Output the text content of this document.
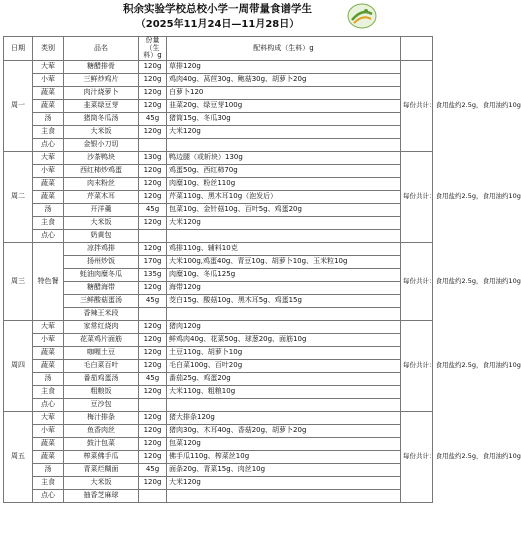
积余实验学校总校小学一周带量食谱学生
（2025年11月24日—11月28日）
日期	类别	品名	份量（生料）g	配料构成（生料）g	
周一	大荤	糖醋排骨	120g	草排120g	每份共计：食用盐约2.5g，食用油约10g
	小荤	三鲜炒鸡片	120g	鸡肉40g、莴苣30g、鲍菇30g、胡萝卜20g	
	蔬菜	肉汁烧萝卜	120g	白萝卜120	
	蔬菜	韭菜绿豆芽	120g	韭菜20g、绿豆芽100g	
	汤	猪筒冬瓜汤	45g	猪筒15g、冬瓜30g	
	主食	大米饭	120g	大米120g	
	点心	金银小刀切			
周二	大荤	沙茶鸭块	130g	鸭边腿（或斩块）130g	每份共计：食用盐约2.5g，食用油约10g
	小荤	西红柿炒鸡蛋	120g	鸡蛋50g、西红柿70g	
	蔬菜	肉末粉丝	120g	肉糜10g、粉丝110g	
	蔬菜	芹菜木耳	120g	芹菜110g、黑木耳10g（泡发后）	
	汤	开洋羹	45g	包菜10g、金针菇10g、百叶5g、鸡蛋20g	
	主食	大米饭	120g	大米120g	
	点心	奶黄包			
周三	特色餐	凉拌鸡排	120g	鸡排110g、辅料10克	每份共计：食用盐约2.5g，食用油约10g
		扬州炒饭	170g	大米100g,鸡蛋40g、青豆10g、胡萝卜10g、玉米粒10g	
		蚝油肉糜冬瓜	135g	肉糜10g、冬瓜125g	
		糖醋海带	120g	海带120g	
		三鲜酸菇蛋汤	45g	茭白15g、酸菇10g、黑木耳5g、鸡蛋15g	
		香辣王米段			
周四	大荤	家常红烧肉	120g	猪肉120g	每份共计：食用盐约2.5g，食用油约10g
	小荤	花菜鸡片面筋	120g	鲜鸡肉40g、花菜50g、球葱20g、面筋10g	
	蔬菜	咖喱土豆	120g	土豆110g、胡萝卜10g	
	蔬菜	毛白菜百叶	120g	毛白菜100g、百叶20g	
	汤	番茄鸡蛋汤	45g	番茄25g、鸡蛋20g	
	主食	粗粮饭	120g	大米110g、粗粮10g	
	点心	豆沙包			
周五	大荤	梅汁排条	120g	猪大排条120g	每份共计：食用盐约2.5g，食用油约10g
	小荤	鱼香肉丝	120g	猪肉30g、木耳40g、香菇20g、胡萝卜20g	
	蔬菜	鼓汁包菜	120g	包菜120g	
	蔬菜	榨菜佛手瓜	120g	佛手瓜110g、榨菜丝10g	
	汤	青菜烂糊面	45g	面条20g、青菜15g、肉丝10g	
	主食	大米饭	120g	大米120g	
	点心	抽香芝麻球			
